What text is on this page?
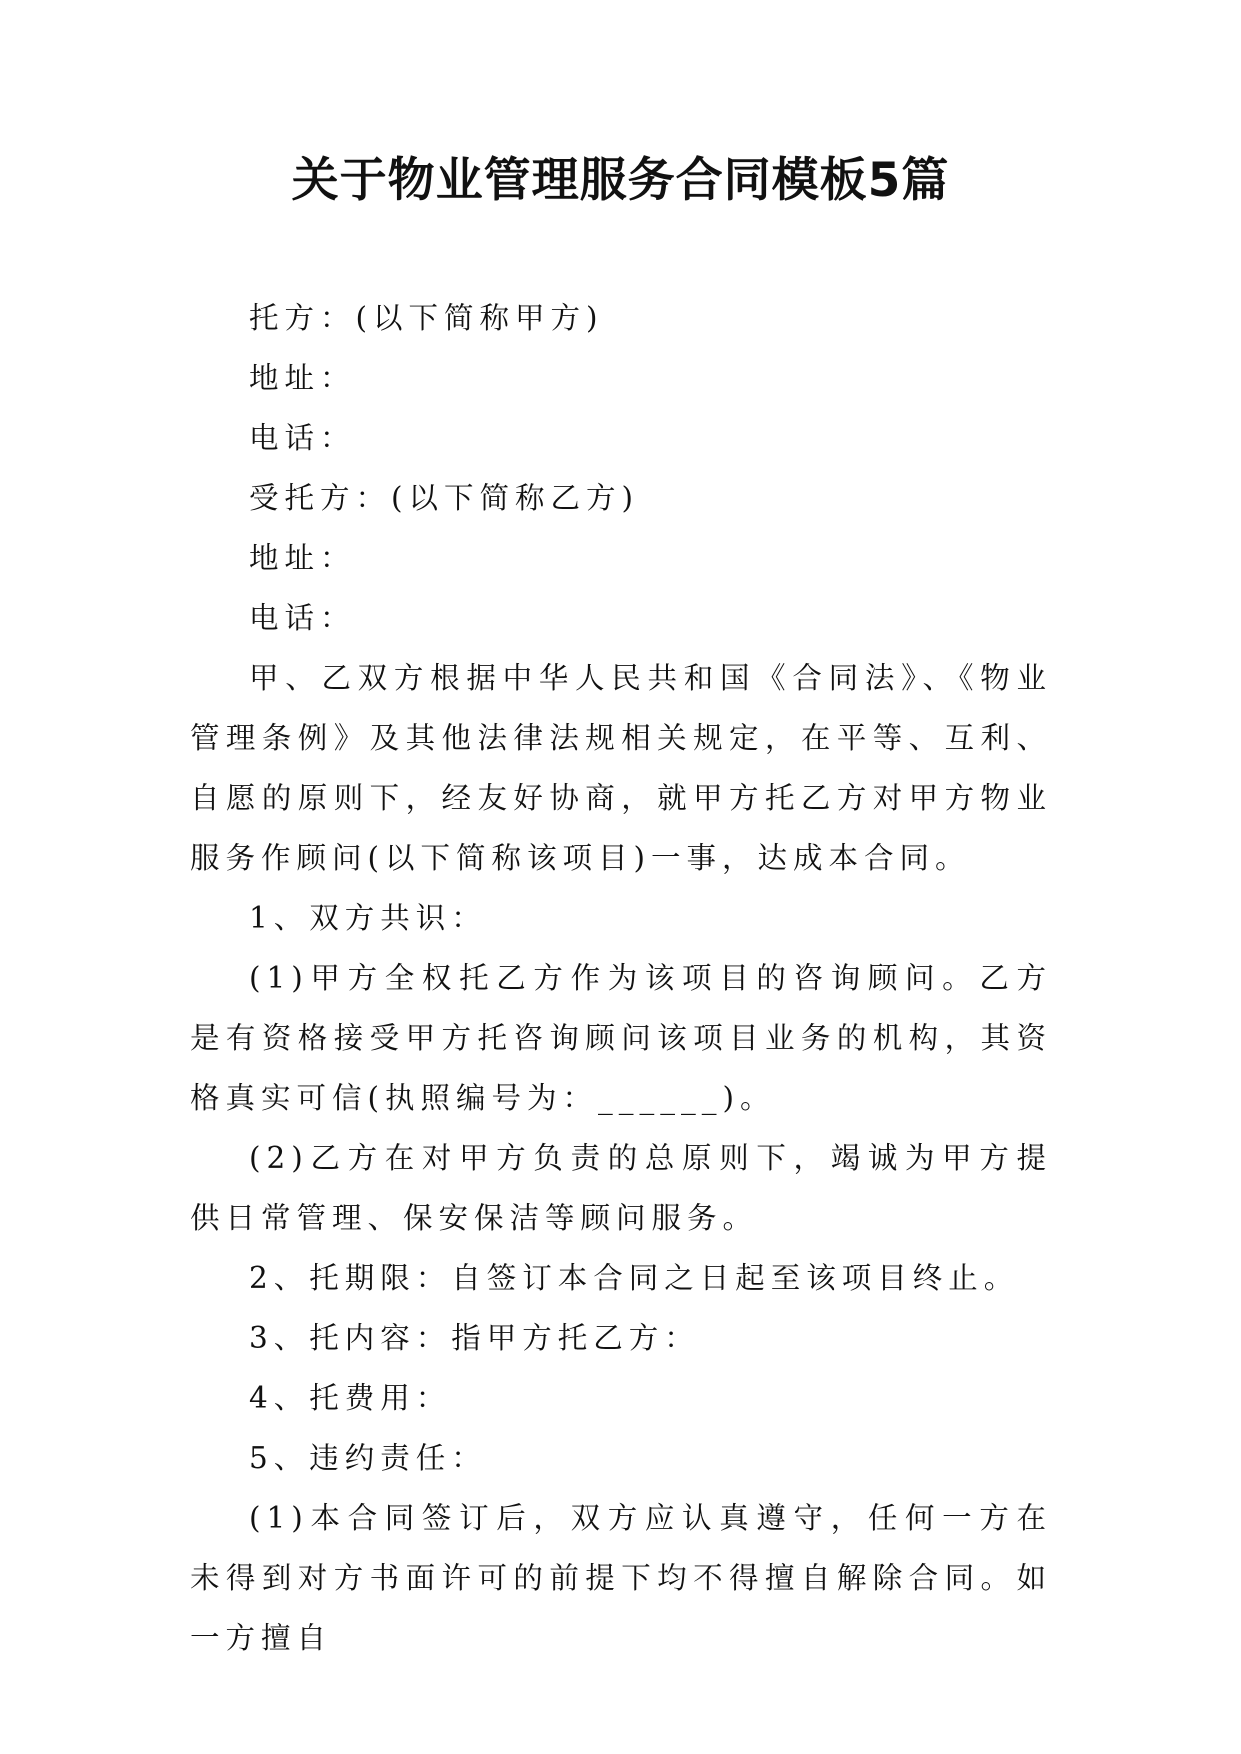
关于物业管理服务合同模板5篇

托方：(以下简称甲方)

地址：

电话：

受托方：(以下简称乙方)

地址：

电话：

甲、乙双方根据中华人民共和国《合同法》、《物业管理条例》及其他法律法规相关规定，在平等、互利、自愿的原则下，经友好协商，就甲方托乙方对甲方物业服务作顾问(以下简称该项目)一事，达成本合同。

1、双方共识：

(1)甲方全权托乙方作为该项目的咨询顾问。乙方是有资格接受甲方托咨询顾问该项目业务的机构，其资格真实可信(执照编号为：______)。

(2)乙方在对甲方负责的总原则下，竭诚为甲方提供日常管理、保安保洁等顾问服务。

2、托期限：自签订本合同之日起至该项目终止。

3、托内容：指甲方托乙方：

4、托费用：

5、违约责任：

(1)本合同签订后，双方应认真遵守，任何一方在未得到对方书面许可的前提下均不得擅自解除合同。如一方擅自
